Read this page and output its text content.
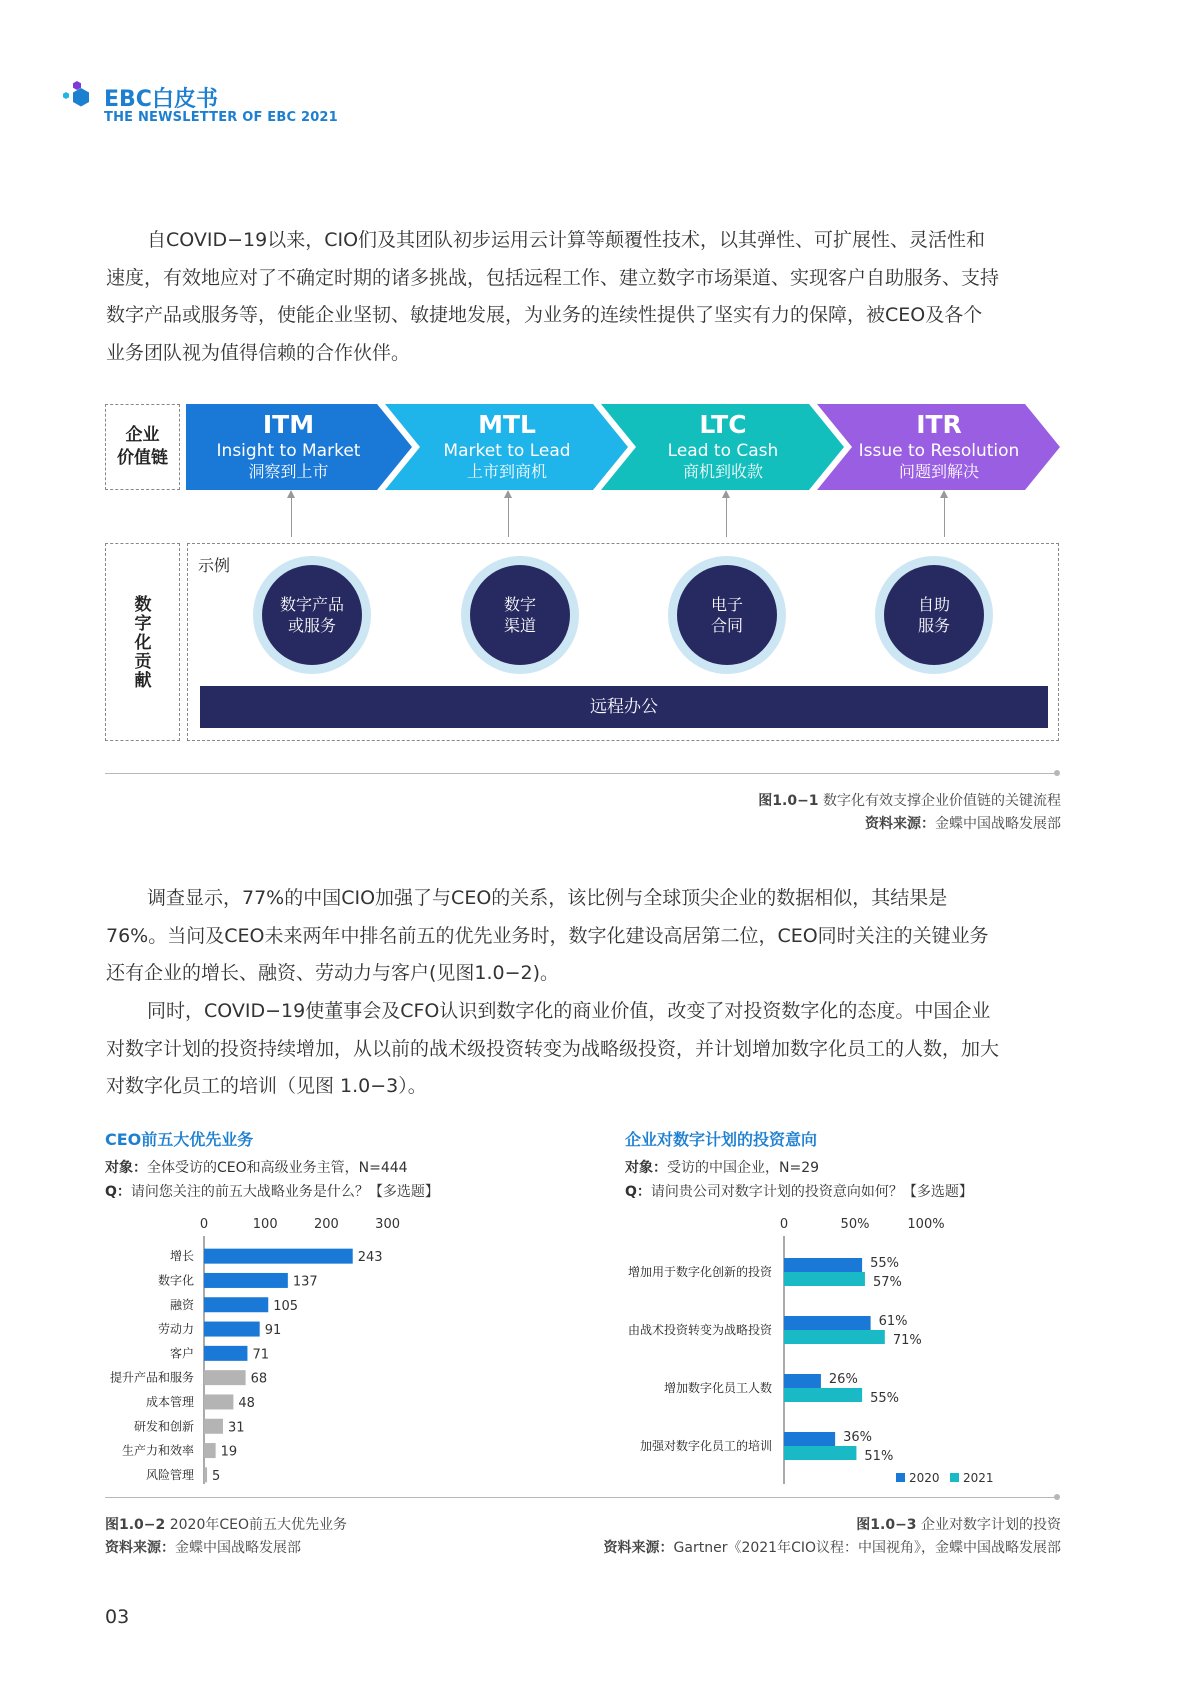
EBC白皮书
THE NEWSLETTER OF EBC 2021

自COVID−19以来，CIO们及其团队初步运用云计算等颠覆性技术，以其弹性、可扩展性、灵活性和

速度，有效地应对了不确定时期的诸多挑战，包括远程工作、建立数字市场渠道、实现客户自助服务、支持

数字产品或服务等，使能企业坚韧、敏捷地发展，为业务的连续性提供了坚实有力的保障，被CEO及各个

业务团队视为值得信赖的合作伙伴。

企业
价值链
ITM
Insight to Market
洞察到上市
MTL
Market to Lead
上市到商机
LTC
Lead to Cash
商机到收款
ITR
Issue to Resolution
问题到解决
数字化贡献
示例
数字产品
或服务
数字
渠道
电子
合同
自助
服务
远程办公
图1.0−1 数字化有效支撑企业价值链的关键流程
资料来源：金蝶中国战略发展部

调查显示，77%的中国CIO加强了与CEO的关系，该比例与全球顶尖企业的数据相似，其结果是

76%。当问及CEO未来两年中排名前五的优先业务时，数字化建设高居第二位，CEO同时关注的关键业务

还有企业的增长、融资、劳动力与客户(见图1.0−2)。

同时，COVID−19使董事会及CFO认识到数字化的商业价值，改变了对投资数字化的态度。中国企业

对数字计划的投资持续增加，从以前的战术级投资转变为战略级投资，并计划增加数字化员工的人数，加大

对数字化员工的培训（见图 1.0−3）。

CEO前五大优先业务
对象：全体受访的CEO和高级业务主管，N=444
Q：请问您关注的前五大战略业务是什么？【多选题】
0	100	200	300
增长	243
数字化	137
融资	105
劳动力	91
客户	71
提升产品和服务	68
成本管理	48
研发和创新	31
生产力和效率 19
风险管理 5
企业对数字计划的投资意向
对象：受访的中国企业，N=29
Q：请问贵公司对数字计划的投资意向如何？【多选题】
0	50%	100%
增加用于数字化创新的投资
55%
57%
由战术投资转变为战略投资
61%
71%
增加数字化员工人数
26%
55%
加强对数字化员工的培训
36%
51%
2020 2021
图1.0−2 2020年CEO前五大优先业务
资料来源：金蝶中国战略发展部
图1.0−3 企业对数字计划的投资
资料来源：Gartner《2021年CIO议程：中国视角》，金蝶中国战略发展部
03
